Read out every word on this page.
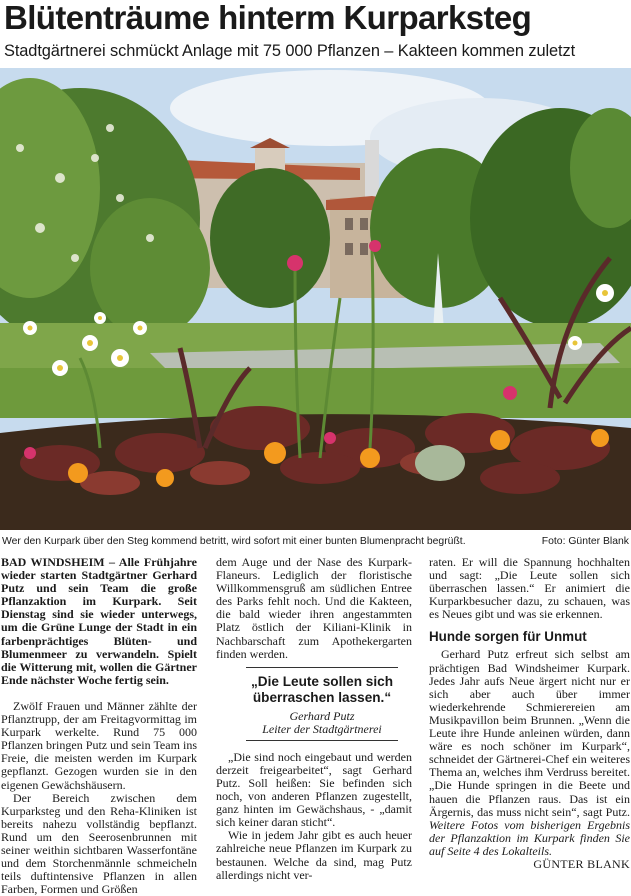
Blütenträume hinterm Kurparksteg
Stadtgärtnerei schmückt Anlage mit 75 000 Pflanzen – Kakteen kommen zuletzt
Wer den Kurpark über den Steg kommend betritt, wird sofort mit einer bunten Blumenpracht begrüßt.	Foto: Günter Blank

BAD WINDSHEIM – Alle Frühjahre wieder starten Stadtgärtner Gerhard Putz und sein Team die große Pflanzaktion im Kurpark. Seit Dienstag sind sie wieder unterwegs, um die Grüne Lunge der Stadt in ein farbenprächtiges Blüten- und Blumenmeer zu verwandeln. Spielt die Witterung mit, wollen die Gärtner Ende nächster Woche fertig sein.

Zwölf Frauen und Männer zählte der Pflanztrupp, der am Freitagvormittag im Kurpark werkelte. Rund 75 000 Pflanzen bringen Putz und sein Team ins Freie, die meisten werden im Kurpark gepflanzt. Gezogen wurden sie in den eigenen Gewächshäusern.

Der Bereich zwischen dem Kurparksteg und den Reha-Kliniken ist bereits nahezu vollständig bepflanzt. Rund um den Seerosenbrunnen mit seiner weithin sichtbaren Wasserfontäne und dem Storchenmännle schmeicheln teils duftintensive Pflanzen in allen Farben, Formen und Größen

dem Auge und der Nase des Kurpark-Flaneurs. Lediglich der floristische Willkommensgruß am südlichen Entree des Parks fehlt noch. Und die Kakteen, die bald wieder ihren angestammten Platz östlich der Kiliani-Klinik in Nachbarschaft zum Apothekergarten finden werden.

„Die Leute sollen sich überraschen lassen.“
Gerhard Putz
Leiter der Stadtgärtnerei

„Die sind noch eingebaut und werden derzeit freigearbeitet“, sagt Gerhard Putz. Soll heißen: Sie befinden sich noch, von anderen Pflanzen zugestellt, ganz hinten im Gewächshaus, - „damit sich keiner daran sticht“.

Wie in jedem Jahr gibt es auch heuer zahlreiche neue Pflanzen im Kurpark zu bestaunen. Welche da sind, mag Putz allerdings nicht ver-

raten. Er will die Spannung hochhalten und sagt: „Die Leute sollen sich überraschen lassen.“ Er animiert die Kurparkbesucher dazu, zu schauen, was es Neues gibt und was sie erkennen.

Hunde sorgen für Unmut

Gerhard Putz erfreut sich selbst am prächtigen Bad Windsheimer Kurpark. Jedes Jahr aufs Neue ärgert nicht nur er sich aber auch über immer wiederkehrende Schmierereien am Musikpavillon beim Brunnen. „Wenn die Leute ihre Hunde anleinen würden, dann wäre es noch schöner im Kurpark“, schneidet der Gärtnerei-Chef ein weiteres Thema an, welches ihm Verdruss bereitet. „Die Hunde springen in die Beete und hauen die Pflanzen raus. Das ist ein Ärgernis, das muss nicht sein“, sagt Putz. Weitere Fotos vom bisherigen Ergebnis der Pflanzaktion im Kurpark finden Sie auf Seite 4 des Lokalteils.
GÜNTER BLANK
